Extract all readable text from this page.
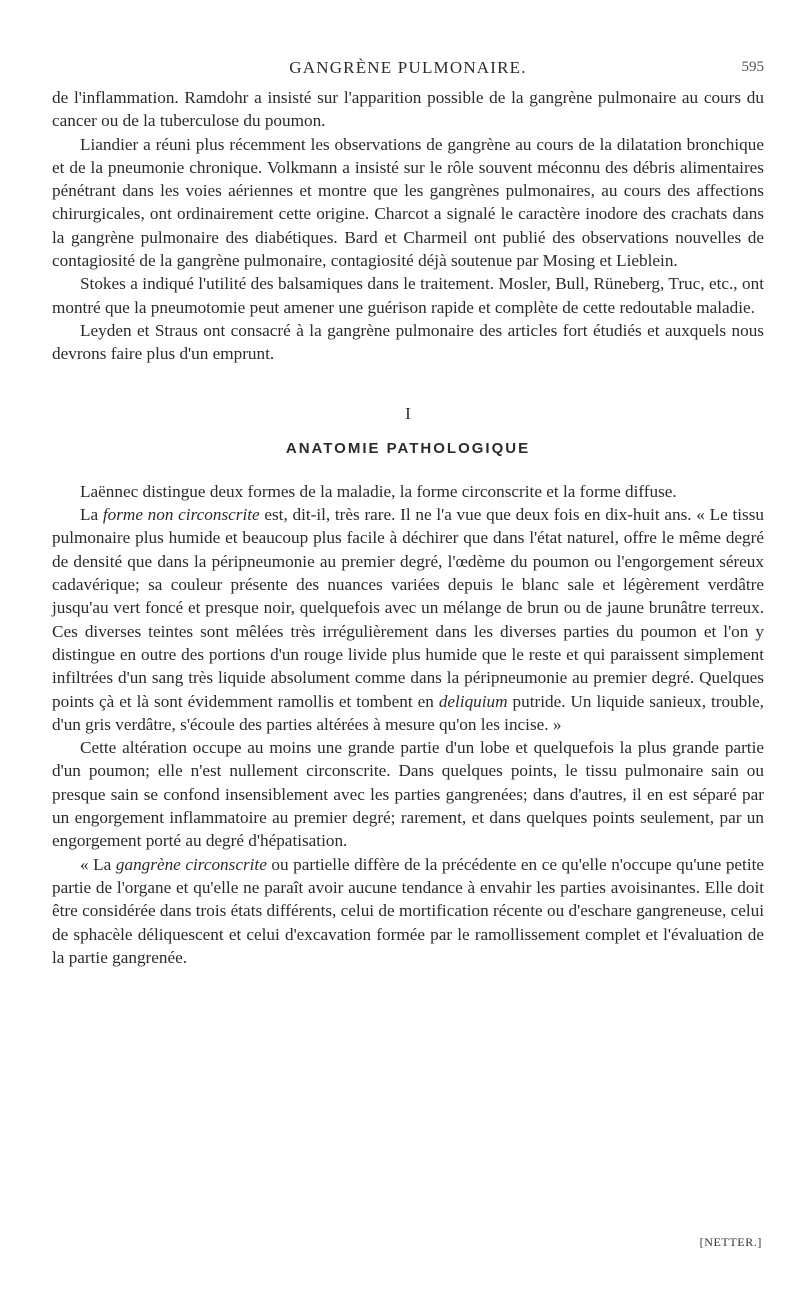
GANGRÈNE PULMONAIRE.	595

de l'inflammation. Ramdohr a insisté sur l'apparition possible de la gangrène pulmonaire au cours du cancer ou de la tuberculose du poumon.

Liandier a réuni plus récemment les observations de gangrène au cours de la dilatation bronchique et de la pneumonie chronique. Volkmann a insisté sur le rôle souvent méconnu des débris alimentaires pénétrant dans les voies aériennes et montre que les gangrènes pulmonaires, au cours des affections chirurgicales, ont ordinairement cette origine. Charcot a signalé le caractère inodore des crachats dans la gangrène pulmonaire des diabétiques. Bard et Charmeil ont publié des observations nouvelles de contagiosité de la gangrène pulmonaire, contagiosité déjà soutenue par Mosing et Lieblein.

Stokes a indiqué l'utilité des balsamiques dans le traitement. Mosler, Bull, Rüneberg, Truc, etc., ont montré que la pneumotomie peut amener une guérison rapide et complète de cette redoutable maladie.

Leyden et Straus ont consacré à la gangrène pulmonaire des articles fort étudiés et auxquels nous devrons faire plus d'un emprunt.

I
ANATOMIE PATHOLOGIQUE

Laënnec distingue deux formes de la maladie, la forme circonscrite et la forme diffuse.

La forme non circonscrite est, dit-il, très rare. Il ne l'a vue que deux fois en dix-huit ans. « Le tissu pulmonaire plus humide et beaucoup plus facile à déchirer que dans l'état naturel, offre le même degré de densité que dans la péripneumonie au premier degré, l'œdème du poumon ou l'engorgement séreux cadavérique; sa couleur présente des nuances variées depuis le blanc sale et légèrement verdâtre jusqu'au vert foncé et presque noir, quelquefois avec un mélange de brun ou de jaune brunâtre terreux. Ces diverses teintes sont mêlées très irrégulièrement dans les diverses parties du poumon et l'on y distingue en outre des portions d'un rouge livide plus humide que le reste et qui paraissent simplement infiltrées d'un sang très liquide absolument comme dans la péripneumonie au premier degré. Quelques points çà et là sont évidemment ramollis et tombent en deliquium putride. Un liquide sanieux, trouble, d'un gris verdâtre, s'écoule des parties altérées à mesure qu'on les incise. »

Cette altération occupe au moins une grande partie d'un lobe et quelquefois la plus grande partie d'un poumon; elle n'est nullement circonscrite. Dans quelques points, le tissu pulmonaire sain ou presque sain se confond insensiblement avec les parties gangrenées; dans d'autres, il en est séparé par un engorgement inflammatoire au premier degré; rarement, et dans quelques points seulement, par un engorgement porté au degré d'hépatisation.

« La gangrène circonscrite ou partielle diffère de la précédente en ce qu'elle n'occupe qu'une petite partie de l'organe et qu'elle ne paraît avoir aucune tendance à envahir les parties avoisinantes. Elle doit être considérée dans trois états différents, celui de mortification récente ou d'eschare gangreneuse, celui de sphacèle déliquescent et celui d'excavation formée par le ramollissement complet et l'évaluation de la partie gangrenée.

[NETTER.]
